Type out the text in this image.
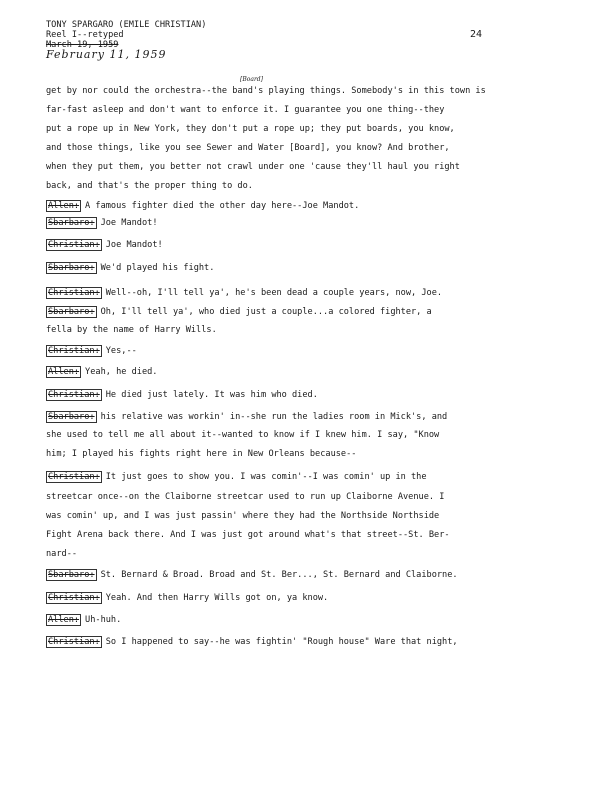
TONY SPARGARO (EMILE CHRISTIAN)
Reel I--retyped
March 19, 1959
February 11, 1959
24
[Board]
get by nor could the orchestra--the band's playing things. Somebody's in this town is
far-fast asleep and don't want to enforce it. I guarantee you one thing--they
put a rope up in New York, they don't put a rope up; they put boards, you know,
and those things, like you see Sewer and Water [Board], you know? And brother,
when they put them, you better not crawl under one 'cause they'll haul you right
back, and that's the proper thing to do.
Allen: A famous fighter died the other day here--Joe Mandot.
Sbarbaro: Joe Mandot!
Christian: Joe Mandot!
Sbarbaro: We'd played his fight.
Christian: Well--oh, I'll tell ya', he's been dead a couple years, now, Joe.
Sbarbaro: Oh, I'll tell ya', who died just a couple...a colored fighter, a
fella by the name of Harry Wills.
Christian: Yes,--
Allen: Yeah, he died.
Christian: He died just lately. It was him who died.
Sbarbaro: his relative was workin' in--she run the ladies room in Mick's, and
she used to tell me all about it--wanted to know if I knew him. I say, "Know
him; I played his fights right here in New Orleans because--
Christian: It just goes to show you. I was comin'--I was comin' up in the
streetcar once--on the Claiborne streetcar used to run up Claiborne Avenue. I
was comin' up, and I was just passin' where they had the Northside Northside
Fight Arena back there. And I was just got around what's that street--St. Ber-
nard--
Sbarbaro: St. Bernard & Broad. Broad and St. Ber..., St. Bernard and Claiborne.
Christian: Yeah. And then Harry Wills got on, ya know.
Allen: Uh-huh.
Christian: So I happened to say--he was fightin' "Rough house" Ware that night,
